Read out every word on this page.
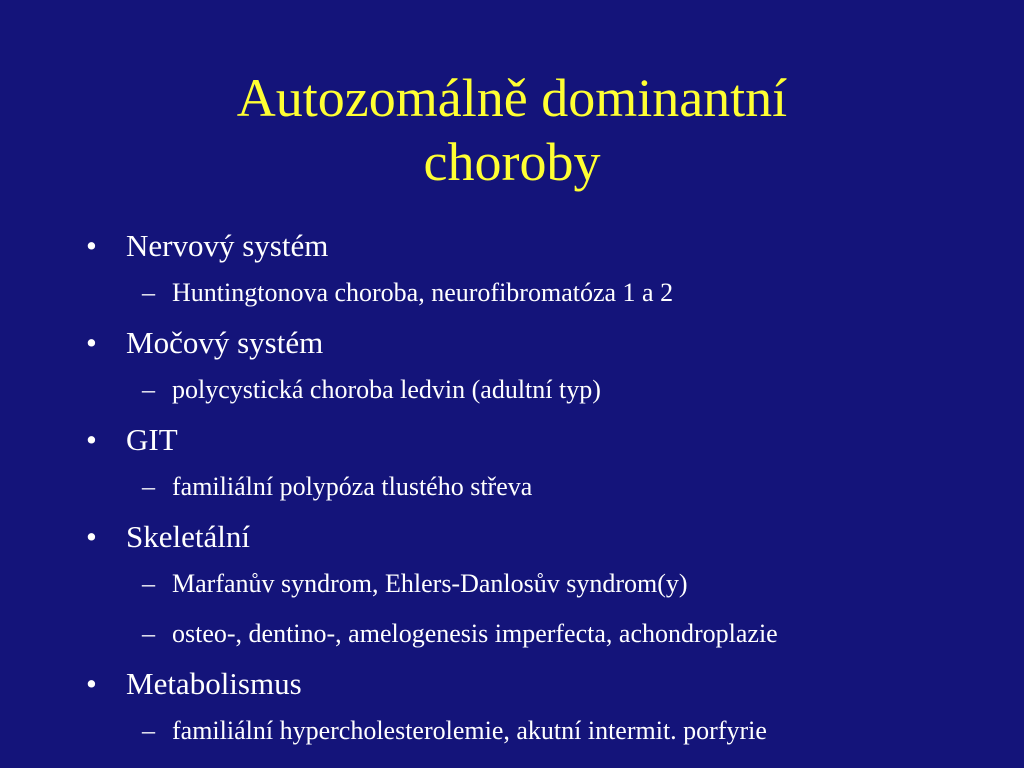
Autozomálně dominantní
choroby
• Nervový systém
– Huntingtonova choroba, neurofibromatóza 1 a 2
• Močový systém
– polycystická choroba ledvin (adultní typ)
• GIT
– familiální polypóza tlustého střeva
• Skeletální
– Marfanův syndrom, Ehlers-Danlosův syndrom(y)
– osteo-, dentino-, amelogenesis imperfecta, achondroplazie
• Metabolismus
– familiální hypercholesterolemie, akutní intermit. porfyrie
